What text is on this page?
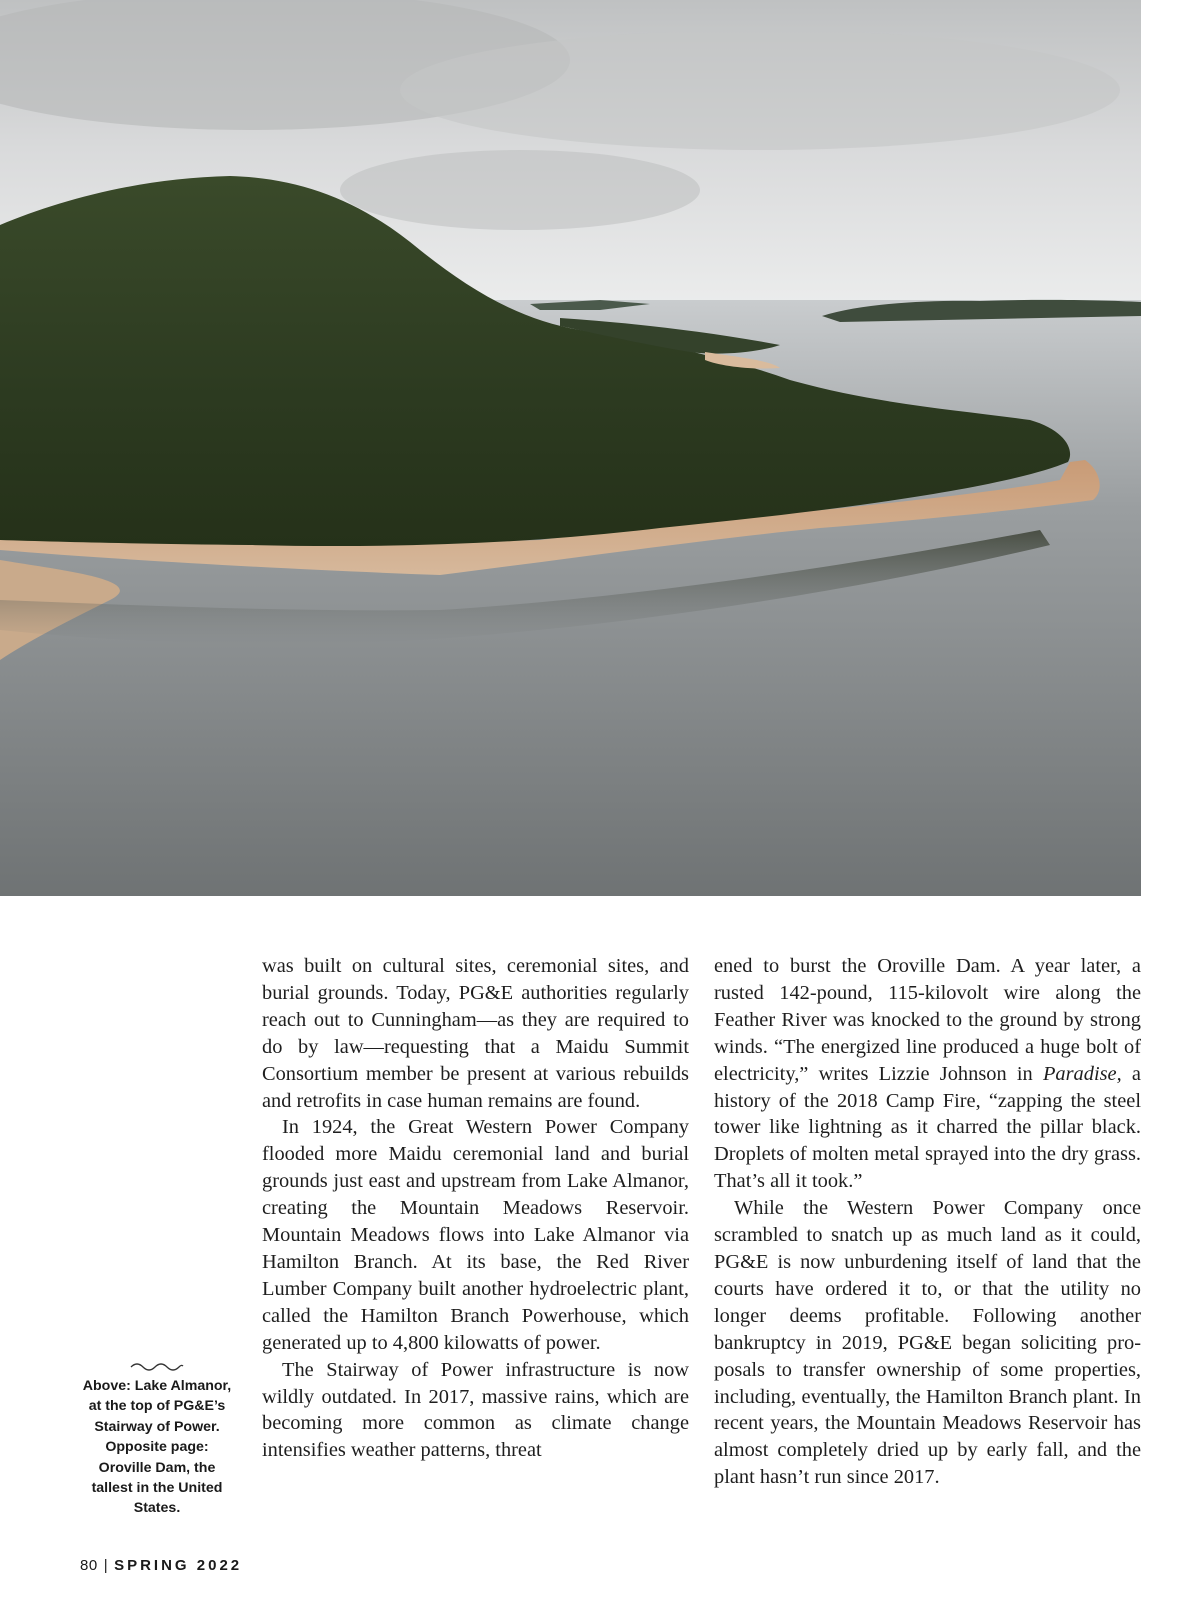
was built on cultural sites, ceremonial sites, and burial grounds. Today, PG&E authorities regularly reach out to Cunningham—as they are required to do by law—requesting that a Maidu Summit Consortium member be present at various rebuilds and retrofits in case human remains are found.

In 1924, the Great Western Power Company flooded more Maidu ceremonial land and burial grounds just east and upstream from Lake Almanor, creating the Mountain Meadows Reservoir. Mountain Meadows flows into Lake Almanor via Hamilton Branch. At its base, the Red River Lumber Company built another hydroelectric plant, called the Hamilton Branch Powerhouse, which generated up to 4,800 kilowatts of power.

The Stairway of Power infrastructure is now wildly outdated. In 2017, massive rains, which are becoming more common as climate change intensifies weather patterns, threat

ened to burst the Oroville Dam. A year later, a rusted 142-pound, 115-kilovolt wire along the Feather River was knocked to the ground by strong winds. “The energized line produced a huge bolt of electricity,” writes Lizzie Johnson in Paradise, a history of the 2018 Camp Fire, “zapping the steel tower like lightning as it charred the pillar black. Droplets of molten metal sprayed into the dry grass. That’s all it took.”

While the Western Power Company once scrambled to snatch up as much land as it could, PG&E is now unburdening itself of land that the courts have ordered it to, or that the utility no longer deems profitable. Following another bankruptcy in 2019, PG&E began soliciting proposals to transfer ownership of some properties, including, eventually, the Hamilton Branch plant. In recent years, the Mountain Meadows Reservoir has almost completely dried up by early fall, and the plant hasn’t run since 2017.

Above: Lake Almanor, at the top of PG&E’s Stairway of Power. Opposite page: Oroville Dam, the tallest in the United States.
80 | SPRING 2022
